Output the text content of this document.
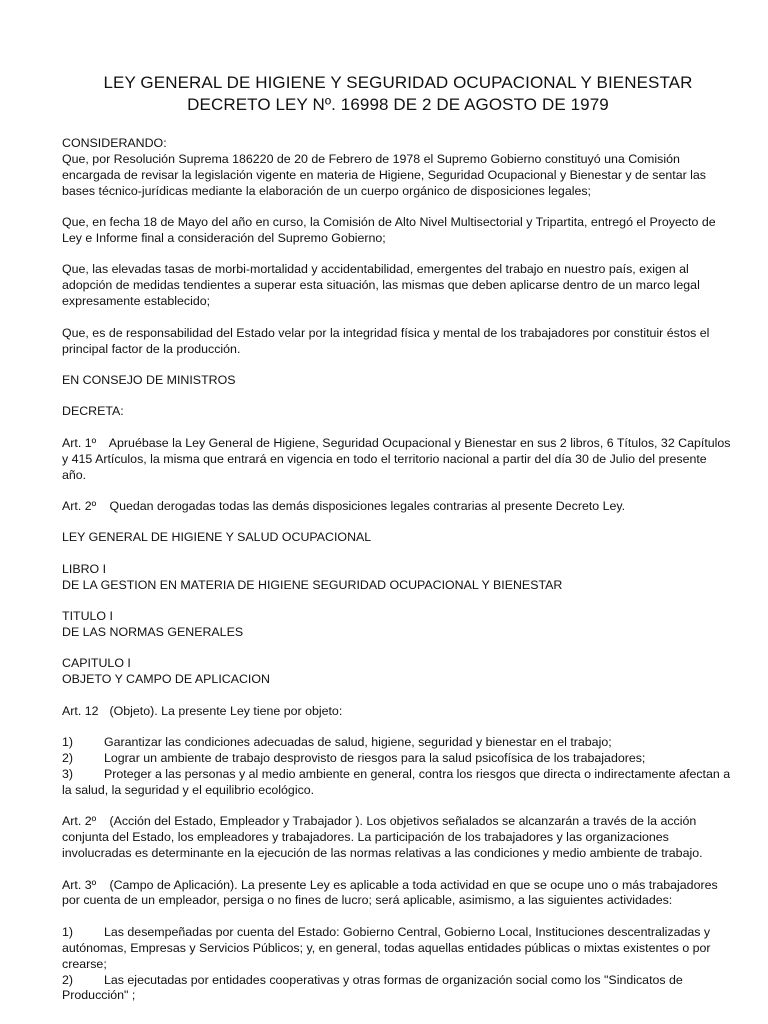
LEY GENERAL DE HIGIENE Y SEGURIDAD OCUPACIONAL Y BIENESTAR
DECRETO LEY Nº. 16998 DE 2 DE AGOSTO DE 1979
CONSIDERANDO:
Que, por Resolución Suprema 186220 de 20 de Febrero de 1978 el Supremo Gobierno constituyó una Comisión encargada de revisar la legislación vigente en materia de Higiene, Seguridad Ocupacional y Bienestar y de sentar las bases técnico-jurídicas mediante la elaboración de un cuerpo orgánico de disposiciones legales;

Que, en fecha 18 de Mayo del año en curso, la Comisión de Alto Nivel Multisectorial y Tripartita, entregó el Proyecto de Ley e Informe final a consideración del Supremo Gobierno;

Que, las elevadas tasas de morbi-mortalidad y accidentabilidad, emergentes del trabajo en nuestro país, exigen al adopción de medidas tendientes a superar esta situación, las mismas que deben aplicarse dentro de un marco legal expresamente establecido;

Que, es de responsabilidad del Estado velar por la integridad física y mental de los trabajadores por constituir éstos el principal factor de la producción.

EN CONSEJO DE MINISTROS

DECRETA:

Art. 1º Apruébase la Ley General de Higiene, Seguridad Ocupacional y Bienestar en sus 2 libros, 6 Títulos, 32 Capítulos y 415 Artículos, la misma que entrará en vigencia en todo el territorio nacional a partir del día 30 de Julio del presente año.

Art. 2º Quedan derogadas todas las demás disposiciones legales contrarias al presente Decreto Ley.

LEY GENERAL DE HIGIENE Y SALUD OCUPACIONAL

LIBRO I
DE LA GESTION EN MATERIA DE HIGIENE SEGURIDAD OCUPACIONAL Y BIENESTAR
TITULO I
DE LAS NORMAS GENERALES
CAPITULO I
OBJETO Y CAMPO DE APLICACION

Art. 12 (Objeto). La presente Ley tiene por objeto:

1) Garantizar las condiciones adecuadas de salud, higiene, seguridad y bienestar en el trabajo;
2) Lograr un ambiente de trabajo desprovisto de riesgos para la salud psicofísica de los trabajadores;
3) Proteger a las personas y al medio ambiente en general, contra los riesgos que directa o indirectamente afectan a la salud, la seguridad y el equilibrio ecológico.

Art. 2º (Acción del Estado, Empleador y Trabajador ). Los objetivos señalados se alcanzarán a través de la acción conjunta del Estado, los empleadores y trabajadores. La participación de los trabajadores y las organizaciones involucradas es determinante en la ejecución de las normas relativas a las condiciones y medio ambiente de trabajo.

Art. 3º (Campo de Aplicación). La presente Ley es aplicable a toda actividad en que se ocupe uno o más trabajadores por cuenta de un empleador, persiga o no fines de lucro; será aplicable, asimismo, a las siguientes actividades:

1) Las desempeñadas por cuenta del Estado: Gobierno Central, Gobierno Local, Instituciones descentralizadas y autónomas, Empresas y Servicios Públicos; y, en general, todas aquellas entidades públicas o mixtas existentes o por crearse;
2) Las ejecutadas por entidades cooperativas y otras formas de organización social como los "Sindicatos de Producción" ;
